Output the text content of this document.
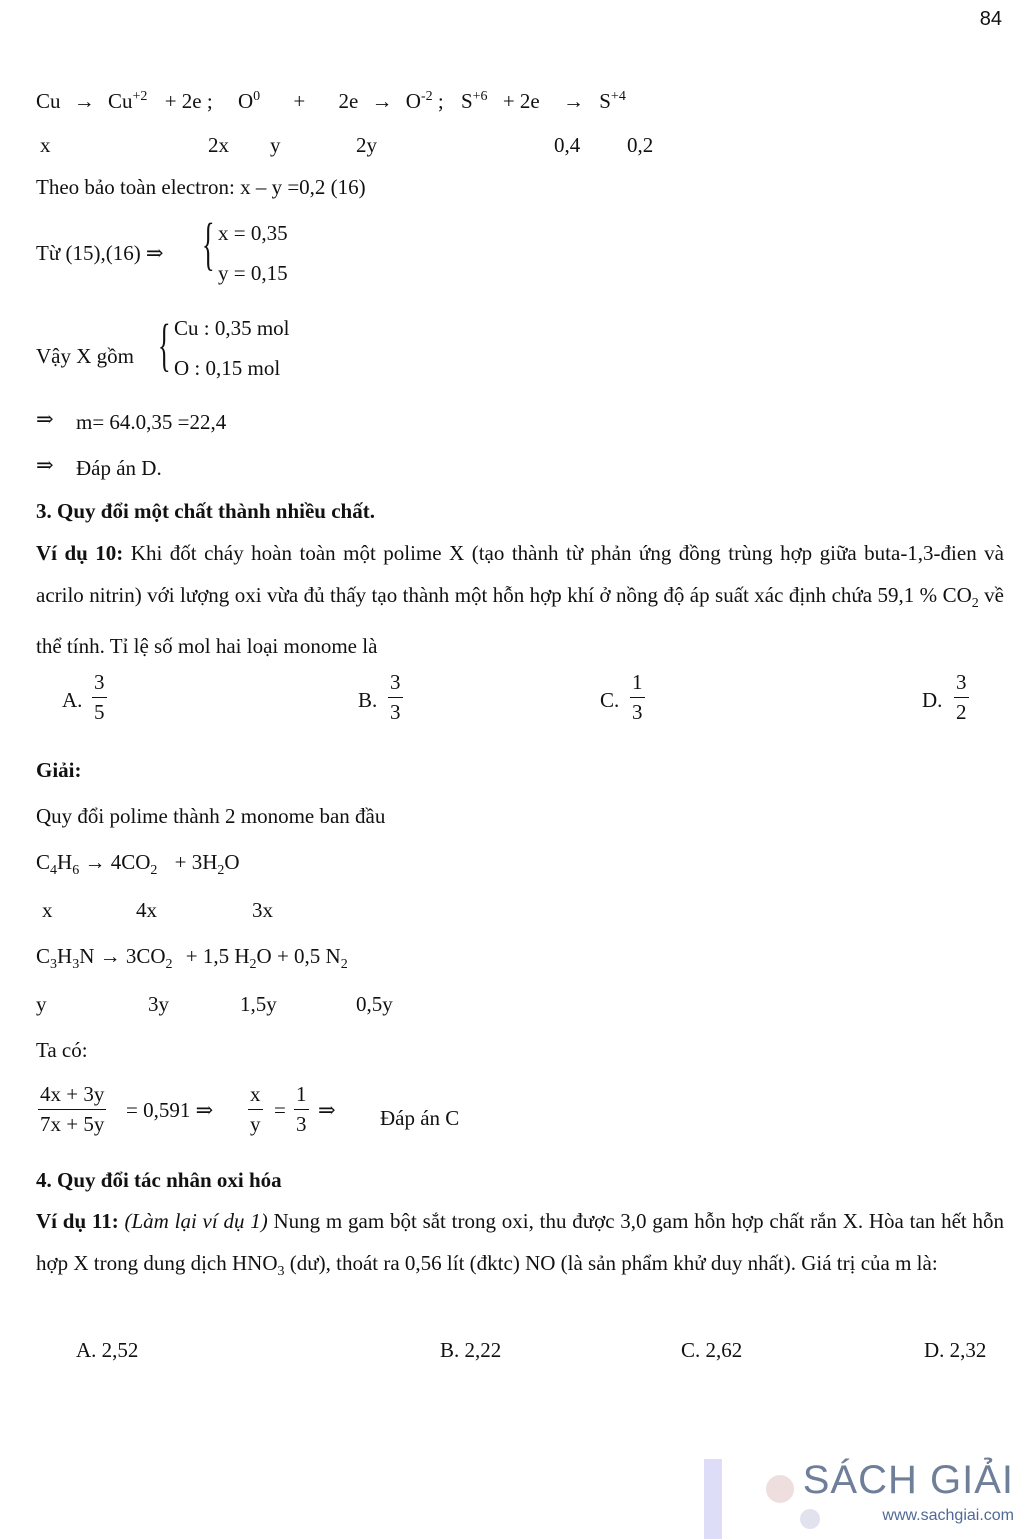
84
$Cu \to Cu^{+2} + 2e$ ; $O^0 + 2e \to O^{-2}$ ; $S^{+6} + 2e \to S^{+4}$
x	2x y	2y	0,4 0,2
Theo bảo toàn electron: x – y =0,2 (16)
Từ (15),(16) ⇒ { x = 0,35
y = 0,15
Vậy X gồm { Cu : 0,35 mol
O : 0,15 mol
⇒ m= 64.0,35 =22,4
⇒ Đáp án D.
3. Quy đổi một chất thành nhiều chất.
Ví dụ 10: Khi đốt cháy hoàn toàn một polime X (tạo thành từ phản ứng đồng trùng hợp giữa buta-1,3-đien và acrilo nitrin) với lượng oxi vừa đủ thấy tạo thành một hỗn hợp khí ở nồng độ áp suất xác định chứa 59,1 % $CO_2$ về thể tính. Tỉ lệ số mol hai loại monome là
A. $\frac{3}{5}$	B. $\frac{3}{3}$	C. $\frac{1}{3}$	D. $\frac{3}{2}$
Giải:
Quy đổi polime thành 2 monome ban đầu
$C_4H_6 \to 4CO_2 + 3H_2O$
x	4x	3x
$C_3H_3N \to 3CO_2 + 1,5$ $H_2O + 0,5$ $N_2$
y	3y	1,5y	0,5y
Ta có:
$\frac{4x + 3y}{7x + 5y} = 0,591$ ⇒ $\frac{x}{y} = \frac{1}{3}$ ⇒ Đáp án C
4. Quy đổi tác nhân oxi hóa
Ví dụ 11: (Làm lại ví dụ 1) Nung m gam bột sắt trong oxi, thu được 3,0 gam hỗn hợp chất rắn X. Hòa tan hết hỗn hợp X trong dung dịch $HNO_3$ (dư), thoát ra 0,56 lít (đktc) NO (là sản phẩm khử duy nhất). Giá trị của m là:
A. 2,52	B. 2,22	C. 2,62	D. 2,32
SÁCH GIẢI
www.sachgiai.com
